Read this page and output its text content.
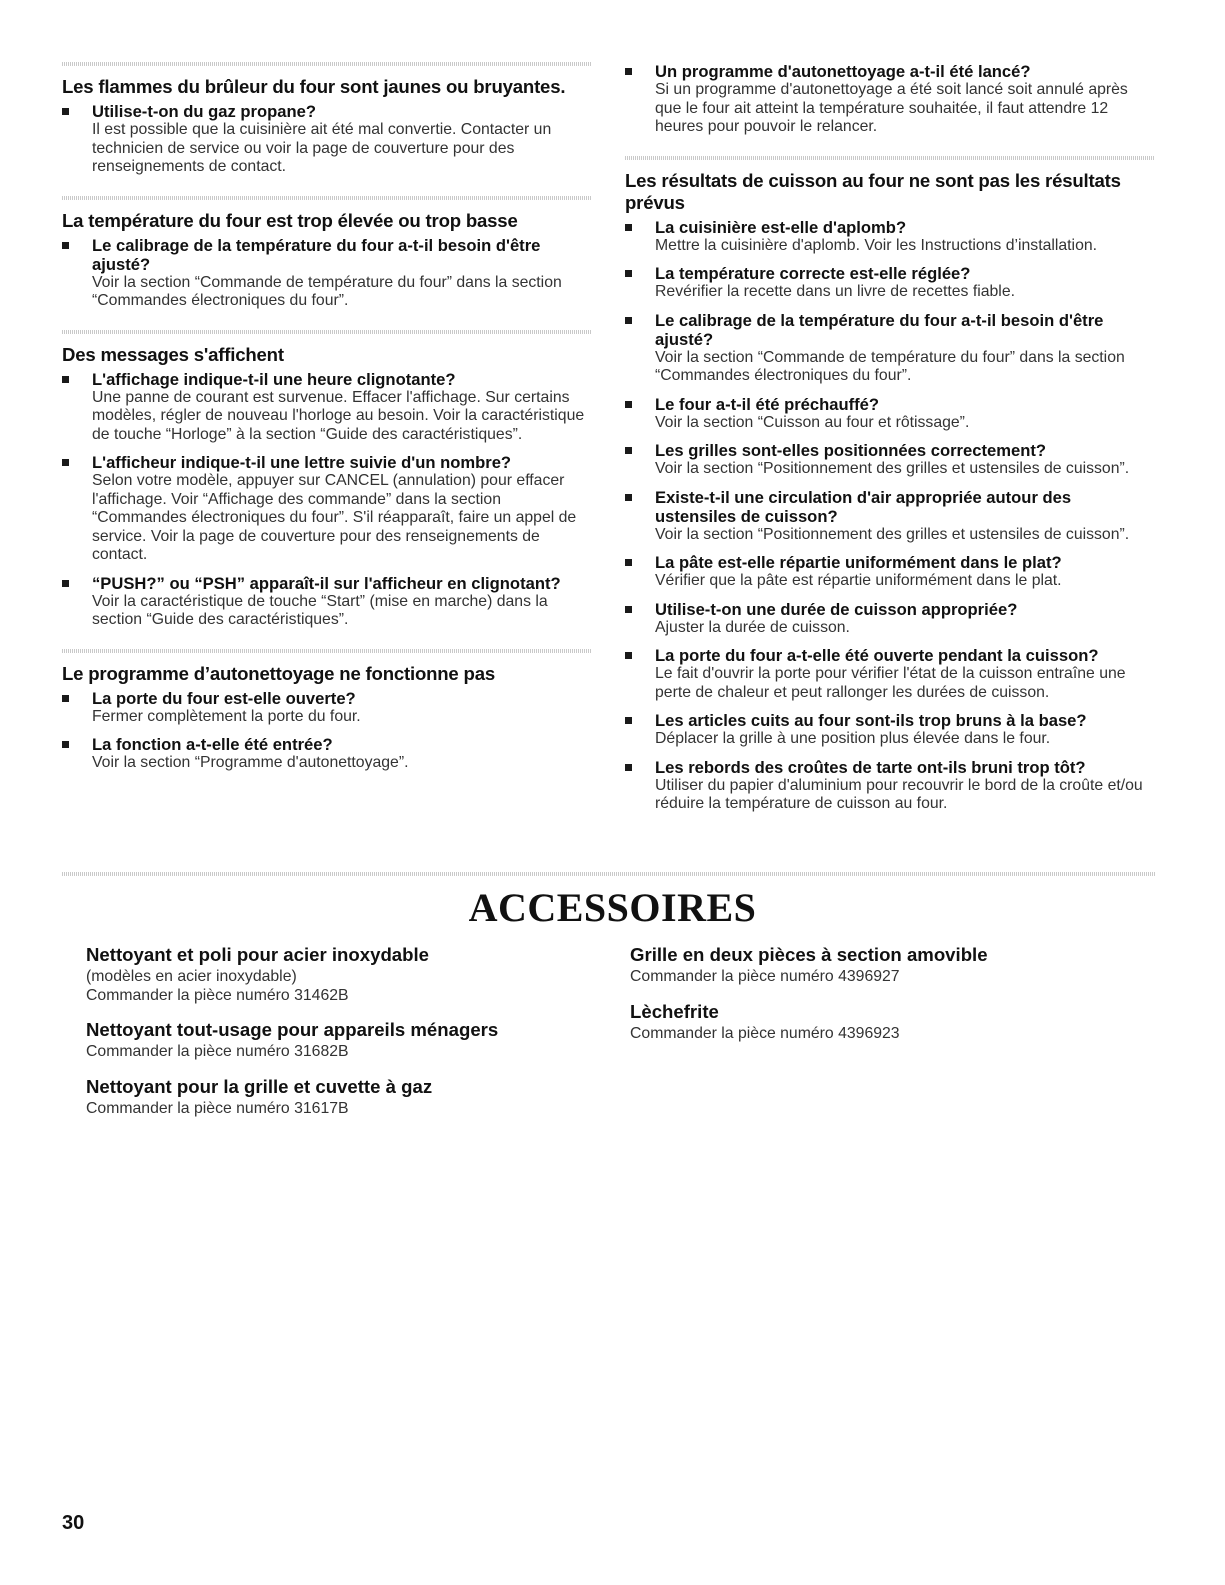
Les flammes du brûleur du four sont jaunes ou bruyantes.
Utilise-t-on du gaz propane?
Il est possible que la cuisinière ait été mal convertie. Contacter un technicien de service ou voir la page de couverture pour des renseignements de contact.
La température du four est trop élevée ou trop basse
Le calibrage de la température du four a-t-il besoin d'être ajusté?
Voir la section “Commande de température du four” dans la section “Commandes électroniques du four”.
Des messages s'affichent
L'affichage indique-t-il une heure clignotante?
Une panne de courant est survenue. Effacer l'affichage. Sur certains modèles, régler de nouveau l'horloge au besoin. Voir la caractéristique de touche “Horloge” à la section “Guide des caractéristiques”.
L'afficheur indique-t-il une lettre suivie d'un nombre?
Selon votre modèle, appuyer sur CANCEL (annulation) pour effacer l'affichage. Voir “Affichage des commande” dans la section “Commandes électroniques du four”. S'il réapparaît, faire un appel de service. Voir la page de couverture pour des renseignements de contact.
“PUSH?” ou “PSH” apparaît-il sur l'afficheur en clignotant?
Voir la caractéristique de touche “Start” (mise en marche) dans la section “Guide des caractéristiques”.
Le programme d’autonettoyage ne fonctionne pas
La porte du four est-elle ouverte?
Fermer complètement la porte du four.
La fonction a-t-elle été entrée?
Voir la section “Programme d'autonettoyage”.
Un programme d'autonettoyage a-t-il été lancé?
Si un programme d'autonettoyage a été soit lancé soit annulé après que le four ait atteint la température souhaitée, il faut attendre 12 heures pour pouvoir le relancer.
Les résultats de cuisson au four ne sont pas les résultats prévus
La cuisinière est-elle d'aplomb?
Mettre la cuisinière d'aplomb. Voir les Instructions d’installation.
La température correcte est-elle réglée?
Revérifier la recette dans un livre de recettes fiable.
Le calibrage de la température du four a-t-il besoin d'être ajusté?
Voir la section “Commande de température du four” dans la section “Commandes électroniques du four”.
Le four a-t-il été préchauffé?
Voir la section “Cuisson au four et rôtissage”.
Les grilles sont-elles positionnées correctement?
Voir la section “Positionnement des grilles et ustensiles de cuisson”.
Existe-t-il une circulation d'air appropriée autour des ustensiles de cuisson?
Voir la section “Positionnement des grilles et ustensiles de cuisson”.
La pâte est-elle répartie uniformément dans le plat?
Vérifier que la pâte est répartie uniformément dans le plat.
Utilise-t-on une durée de cuisson appropriée?
Ajuster la durée de cuisson.
La porte du four a-t-elle été ouverte pendant la cuisson?
Le fait d'ouvrir la porte pour vérifier l'état de la cuisson entraîne une perte de chaleur et peut rallonger les durées de cuisson.
Les articles cuits au four sont-ils trop bruns à la base?
Déplacer la grille à une position plus élevée dans le four.
Les rebords des croûtes de tarte ont-ils bruni trop tôt?
Utiliser du papier d'aluminium pour recouvrir le bord de la croûte et/ou réduire la température de cuisson au four.
ACCESSOIRES
Nettoyant et poli pour acier inoxydable
(modèles en acier inoxydable)
Commander la pièce numéro 31462B
Nettoyant tout-usage pour appareils ménagers
Commander la pièce numéro 31682B
Nettoyant pour la grille et cuvette à gaz
Commander la pièce numéro 31617B
Grille en deux pièces à section amovible
Commander la pièce numéro 4396927
Lèchefrite
Commander la pièce numéro 4396923
30
